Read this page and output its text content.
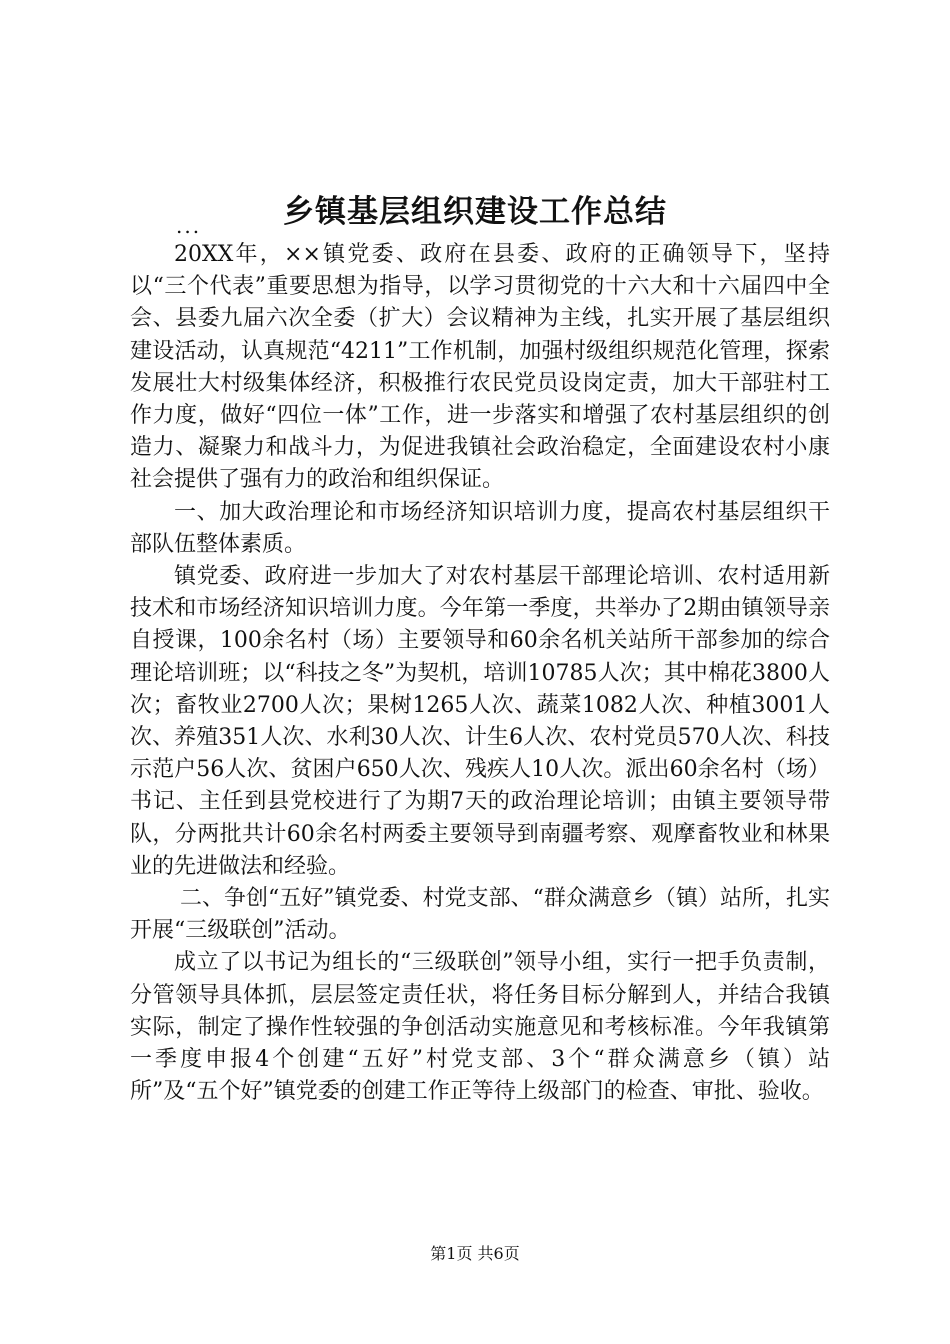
乡镇基层组织建设工作总结
...

20XX年，××镇党委、政府在县委、政府的正确领导下，坚持以“三个代表”重要思想为指导，以学习贯彻党的十六大和十六届四中全会、县委九届六次全委（扩大）会议精神为主线，扎实开展了基层组织建设活动，认真规范“4211”工作机制，加强村级组织规范化管理，探索发展壮大村级集体经济，积极推行农民党员设岗定责，加大干部驻村工作力度，做好“四位一体”工作，进一步落实和增强了农村基层组织的创造力、凝聚力和战斗力，为促进我镇社会政治稳定，全面建设农村小康社会提供了强有力的政治和组织保证。

一、加大政治理论和市场经济知识培训力度，提高农村基层组织干部队伍整体素质。

镇党委、政府进一步加大了对农村基层干部理论培训、农村适用新技术和市场经济知识培训力度。今年第一季度，共举办了2期由镇领导亲自授课，100余名村（场）主要领导和60余名机关站所干部参加的综合理论培训班；以“科技之冬”为契机，培训10785人次；其中棉花3800人次；畜牧业2700人次；果树1265人次、蔬菜1082人次、种植3001人次、养殖351人次、水利30人次、计生6人次、农村党员570人次、科技示范户56人次、贫困户650人次、残疾人10人次。派出60余名村（场）书记、主任到县党校进行了为期7天的政治理论培训；由镇主要领导带队，分两批共计60余名村两委主要领导到南疆考察、观摩畜牧业和林果业的先进做法和经验。

二、争创“五好”镇党委、村党支部、“群众满意乡（镇）站所，扎实开展“三级联创”活动。

成立了以书记为组长的“三级联创”领导小组，实行一把手负责制，分管领导具体抓，层层签定责任状，将任务目标分解到人，并结合我镇实际，制定了操作性较强的争创活动实施意见和考核标准。今年我镇第一季度申报4个创建“五好”村党支部、3个“群众满意乡（镇）站所”及“五个好”镇党委的创建工作正等待上级部门的检查、审批、验收。

第1页 共6页
